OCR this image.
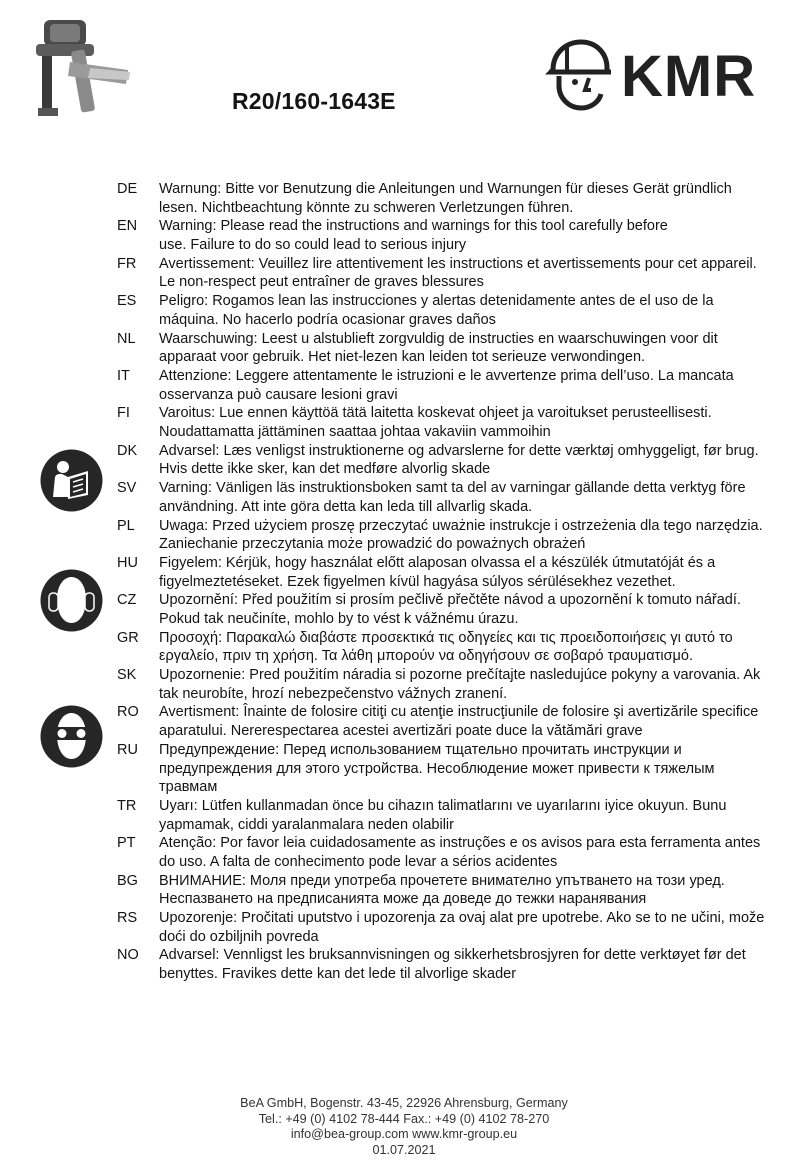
R20/160-1643E	KMR
DE Warnung: Bitte vor Benutzung die Anleitungen und Warnungen für dieses Gerät gründlich lesen. Nichtbeachtung könnte zu schweren Verletzungen führen.
EN Warning: Please read the instructions and warnings for this tool carefully before use. Failure to do so could lead to serious injury
FR Avertissement: Veuillez lire attentivement les instructions et avertissements pour cet appareil. Le non-respect peut entraîner de graves blessures
ES Peligro: Rogamos lean las instrucciones y alertas detenidamente antes de el uso de la máquina. No hacerlo podría ocasionar graves daños
NL Waarschuwing: Leest u alstublieft zorgvuldig de instructies en waarschuwingen voor dit apparaat voor gebruik. Het niet-lezen kan leiden tot serieuze verwondingen.
IT Attenzione: Leggere attentamente le istruzioni e le avvertenze prima dell’uso. La mancata osservanza può causare lesioni gravi
FI Varoitus: Lue ennen käyttöä tätä laitetta koskevat ohjeet ja varoitukset perusteellisesti. Noudattamatta jättäminen saattaa johtaa vakaviin vammoihin
DK Advarsel: Læs venligst instruktionerne og advarslerne for dette værktøj omhyggeligt, før brug. Hvis dette ikke sker, kan det medføre alvorlig skade
SV Varning: Vänligen läs instruktionsboken samt ta del av varningar gällande detta verktyg före användning. Att inte göra detta kan leda till allvarlig skada.
PL Uwaga: Przed użyciem proszę przeczytać uważnie instrukcje i ostrzeżenia dla tego narzędzia. Zaniechanie przeczytania może prowadzić do poważnych obrażeń
HU Figyelem: Kérjük, hogy használat előtt alaposan olvassa el a készülék útmutatóját és a figyelmeztetéseket. Ezek figyelmen kívül hagyása súlyos sérülésekhez vezethet.
CZ Upozornění: Před použitím si prosím pečlivě přečtěte návod a upozornění k tomuto nářadí. Pokud tak neučiníte, mohlo by to vést k vážnému úrazu.
GR Προσοχή: Παρακαλώ διαβάστε προσεκτικά τις οδηγείες και τις προειδοποιήσεις γι αυτό το εργαλείο, πριν τη χρήση. Τα λάθη μπορούν να οδηγήσουν σε σοβαρό τραυματισμό.
SK Upozornenie: Pred použitím náradia si pozorne prečítajte nasledujúce pokyny a varovania. Ak tak neurobíte, hrozí nebezpečenstvo vážnych zranení.
RO Avertisment: Înainte de folosire citiţi cu atenţie instrucţiunile de folosire şi avertizările specifice aparatului. Nererespectarea acestei avertizări poate duce la vătămări grave
RU Предупреждение: Перед использованием тщательно прочитать инструкции и предупреждения для этого устройства. Несоблюдение может привести к тяжелым травмам
TR Uyarı: Lütfen kullanmadan önce bu cihazın talimatlarını ve uyarılarını iyice okuyun. Bunu yapmamak, ciddi yaralanmalara neden olabilir
PT Atenção: Por favor leia cuidadosamente as instruções e os avisos para esta ferramenta antes do uso. A falta de conhecimento pode levar a sérios acidentes
BG ВНИМАНИЕ: Моля преди употреба прочетете внимателно упътването на този уред. Неспазването на предписанията може да доведе до тежки наранявания
RS Upozorenje: Pročitati uputstvo i upozorenja za ovaj alat pre upotrebe. Ako se to ne učini, može doći do ozbiljnih povreda
NO Advarsel: Vennligst les bruksannvisningen og sikkerhetsbrosjyren for dette verktøyet før det benyttes. Fravikes dette kan det lede til alvorlige skader
BeA GmbH, Bogenstr. 43-45, 22926 Ahrensburg, Germany
Tel.: +49 (0) 4102 78-444 Fax.: +49 (0) 4102 78-270
info@bea-group.com www.kmr-group.eu
01.07.2021
